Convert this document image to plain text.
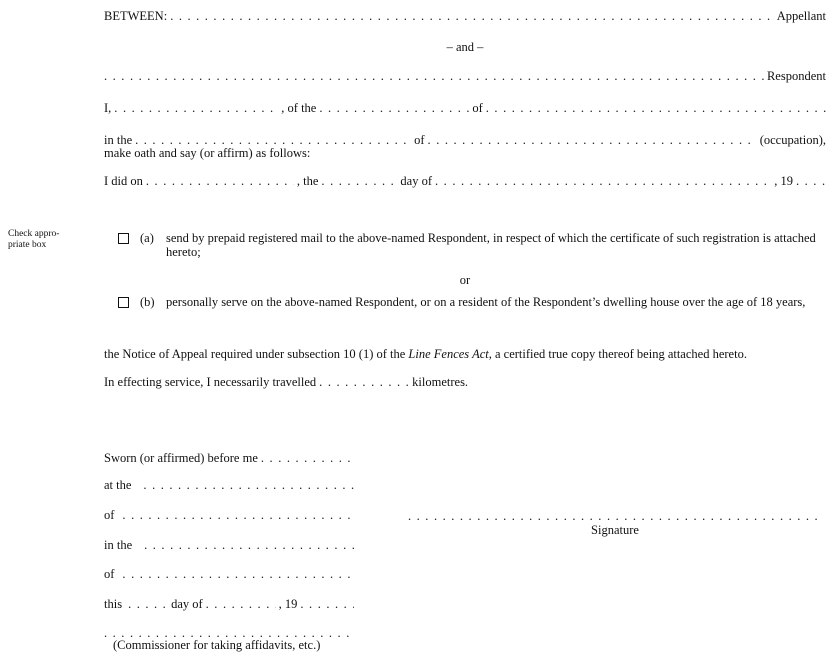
BETWEEN: . . .	Appellant
– and –
. . .
Respondent
I, . . .	, of the . . .	of
. . .
in the . . .	of . . .	(occupation),
make oath and say (or affirm) as follows:
I did on . . .	, the . . .	day of . . .	, 19
. . .
Check appro-
priate box	(a) send by prepaid registered mail to the above-named Respondent, in respect of which the certificate of such registration is attached hereto;
or
(b) personally serve on the above-named Respondent, or on a resident of the Respondent’s dwelling house over the age of 18 years,
the Notice of Appeal required under subsection 10 (1) of the Line Fences Act, a certified true copy thereof being attached hereto.
In effecting service, I necessarily travelled . . .	kilometres.
Sworn (or affirmed) before me
. . .
at the
. . .
of
. . .
in the
. . .
of
. . .
this . . .	day of . . .	, 19
. . .
. . .
(Commissioner for taking affidavits, etc.)
. . .
Signature
